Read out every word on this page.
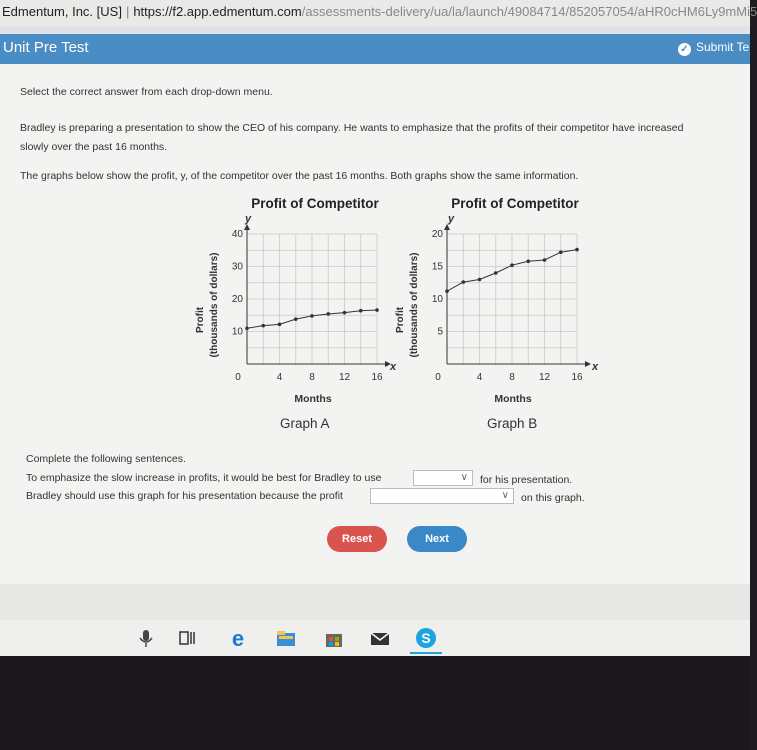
Edmentum, Inc. [US] | https://f2.app.edmentum.com/assessments-delivery/ua/la/launch/49084714/852057054/aHR0cHM6Ly9mMi5
Unit Pre Test	✓ Submit Te
Select the correct answer from each drop-down menu.
Bradley is preparing a presentation to show the CEO of his company. He wants to emphasize that the profits of their competitor have increased
slowly over the past 16 months.
The graphs below show the profit, y, of the competitor over the past 16 months. Both graphs show the same information.
Profit of Competitor
4	8 12 16
10
20
30
40
Profit (thousands of dollars)
y
x
0
Months
Graph A
Profit of Competitor
4	8 12 16
5
10
15
20
Profit (thousands of dollars)
y
x
0
Months
Graph B
Complete the following sentences.
To emphasize the slow increase in profits, it would be best for Bradley to use	∨ for his presentation.
Bradley should use this graph for his presentation because the profit	∨ on this graph.
Reset	Next
e	S
